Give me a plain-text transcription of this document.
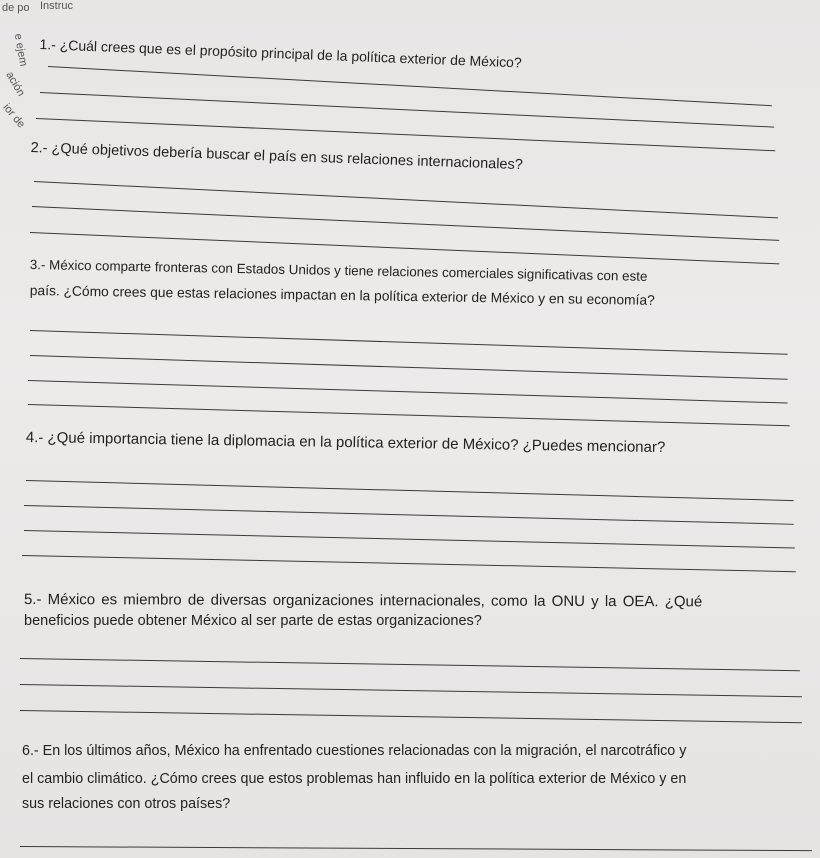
de po
e ejem
ación
ior de
Instruc

1.- ¿Cuál crees que es el propósito principal de la política exterior de México?

2.- ¿Qué objetivos debería buscar el país en sus relaciones internacionales?

3.- México comparte fronteras con Estados Unidos y tiene relaciones comerciales significativas con este

país. ¿Cómo crees que estas relaciones impactan en la política exterior de México y en su economía?

4.- ¿Qué importancia tiene la diplomacia en la política exterior de México? ¿Puedes mencionar?

5.- México es miembro de diversas organizaciones internacionales, como la ONU y la OEA. ¿Qué

beneficios puede obtener México al ser parte de estas organizaciones?

6.- En los últimos años, México ha enfrentado cuestiones relacionadas con la migración, el narcotráfico y

el cambio climático. ¿Cómo crees que estos problemas han influido en la política exterior de México y en

sus relaciones con otros países?
